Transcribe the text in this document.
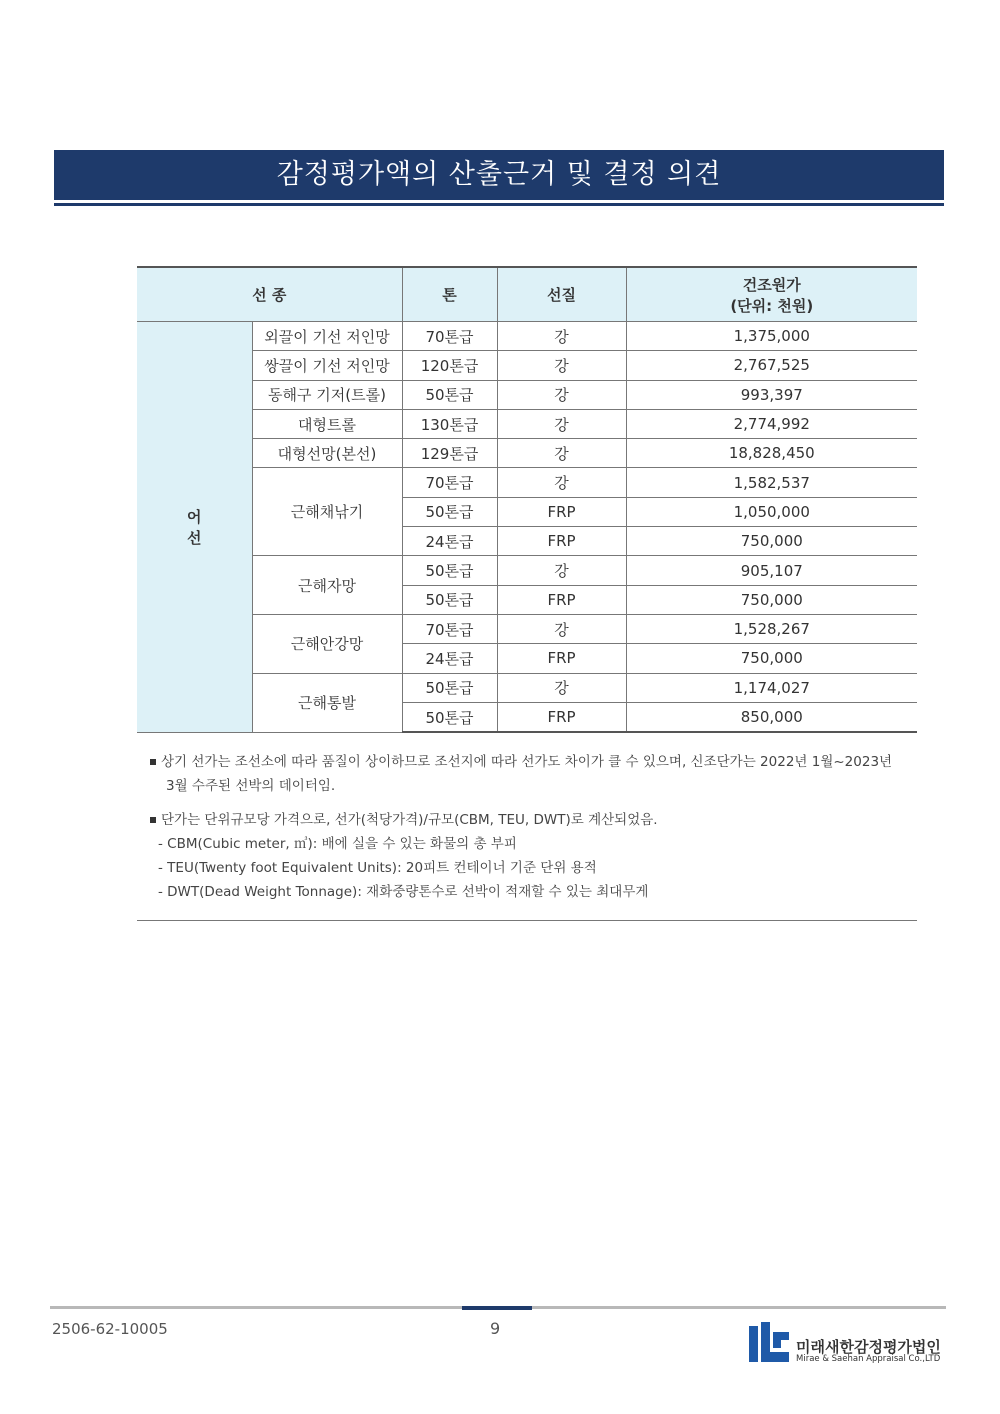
감정평가액의 산출근거 및 결정 의견
선 종		톤	선질	건조원가
(단위: 천원)
어
선	외끌이 기선 저인망	70톤급	강	1,375,000
	쌍끌이 기선 저인망	120톤급	강	2,767,525
	동해구 기저(트롤)	50톤급	강	993,397
	대형트롤	130톤급	강	2,774,992
	대형선망(본선)	129톤급	강	18,828,450
	근해채낚기	70톤급	강	1,582,537
		50톤급	FRP	1,050,000
		24톤급	FRP	750,000
	근해자망	50톤급	강	905,107
		50톤급	FRP	750,000
	근해안강망	70톤급	강	1,528,267
		24톤급	FRP	750,000
	근해통발	50톤급	강	1,174,027
		50톤급	FRP	850,000

상기 선가는 조선소에 따라 품질이 상이하므로 조선지에 따라 선가도 차이가 클 수 있으며, 신조단가는 2022년 1월~2023년

3월 수주된 선박의 데이터임.

단가는 단위규모당 가격으로, 선가(척당가격)/규모(CBM, TEU, DWT)로 계산되었음.

- CBM(Cubic meter, ㎥): 배에 실을 수 있는 화물의 총 부피

- TEU(Twenty foot Equivalent Units): 20피트 컨테이너 기준 단위 용적

- DWT(Dead Weight Tonnage): 재화중량톤수로 선박이 적재할 수 있는 최대무게

2506-62-10005	9
미래새한감정평가법인
Mirae & Saehan Appraisal Co.,LTD
